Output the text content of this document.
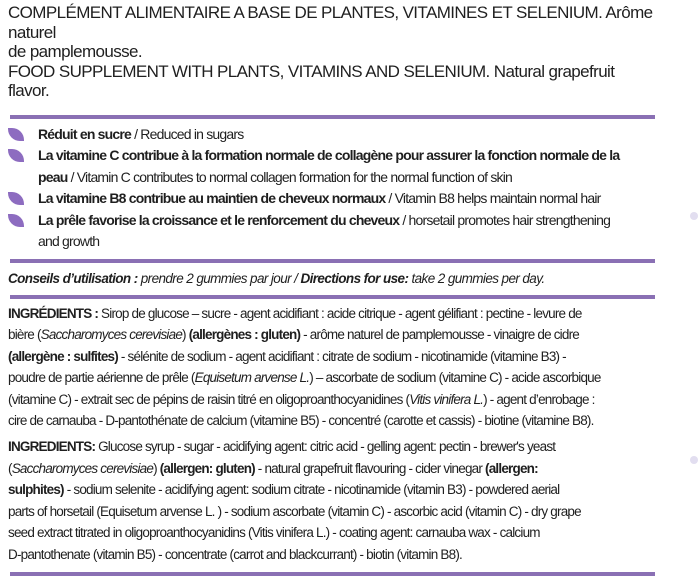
COMPLÉMENT ALIMENTAIRE A BASE DE PLANTES, VITAMINES ET SELENIUM. Arôme naturel
de pamplemousse.
FOOD SUPPLEMENT WITH PLANTS, VITAMINS AND SELENIUM. Natural grapefruit flavor.
Réduit en sucre / Reduced in sugars
La vitamine C contribue à la formation normale de collagène pour assurer la fonction normale de la
peau / Vitamin C contributes to normal collagen formation for the normal function of skin
La vitamine B8 contribue au maintien de cheveux normaux / Vitamin B8 helps maintain normal hair
La prêle favorise la croissance et le renforcement du cheveux / horsetail promotes hair strengthening
and growth
Conseils d’utilisation : prendre 2 gummies par jour / Directions for use: take 2 gummies per day.
INGRÉDIENTS : Sirop de glucose – sucre - agent acidifiant : acide citrique - agent gélifiant : pectine - levure de
bière (Saccharomyces cerevisiae) (allergènes : gluten) - arôme naturel de pamplemousse - vinaigre de cidre
(allergène : sulfites) - sélénite de sodium - agent acidifiant : citrate de sodium - nicotinamide (vitamine B3) -
poudre de partie aérienne de prêle (Equisetum arvense L.) – ascorbate de sodium (vitamine C) - acide ascorbique
(vitamine C) - extrait sec de pépins de raisin titré en oligoproanthocyanidines (Vitis vinifera L.) - agent d’enrobage :
cire de carnauba - D-pantothénate de calcium (vitamine B5) - concentré (carotte et cassis) - biotine (vitamine B8).
INGREDIENTS: Glucose syrup - sugar - acidifying agent: citric acid - gelling agent: pectin - brewer's yeast
(Saccharomyces cerevisiae) (allergen: gluten) - natural grapefruit flavouring - cider vinegar (allergen:
sulphites) - sodium selenite - acidifying agent: sodium citrate - nicotinamide (vitamin B3) - powdered aerial
parts of horsetail (Equisetum arvense L. ) - sodium ascorbate (vitamin C) - ascorbic acid (vitamin C) - dry grape
seed extract titrated in oligoproanthocyanidins (Vitis vinifera L.) - coating agent: carnauba wax - calcium
D-pantothenate (vitamin B5) - concentrate (carrot and blackcurrant) - biotin (vitamin B8).
